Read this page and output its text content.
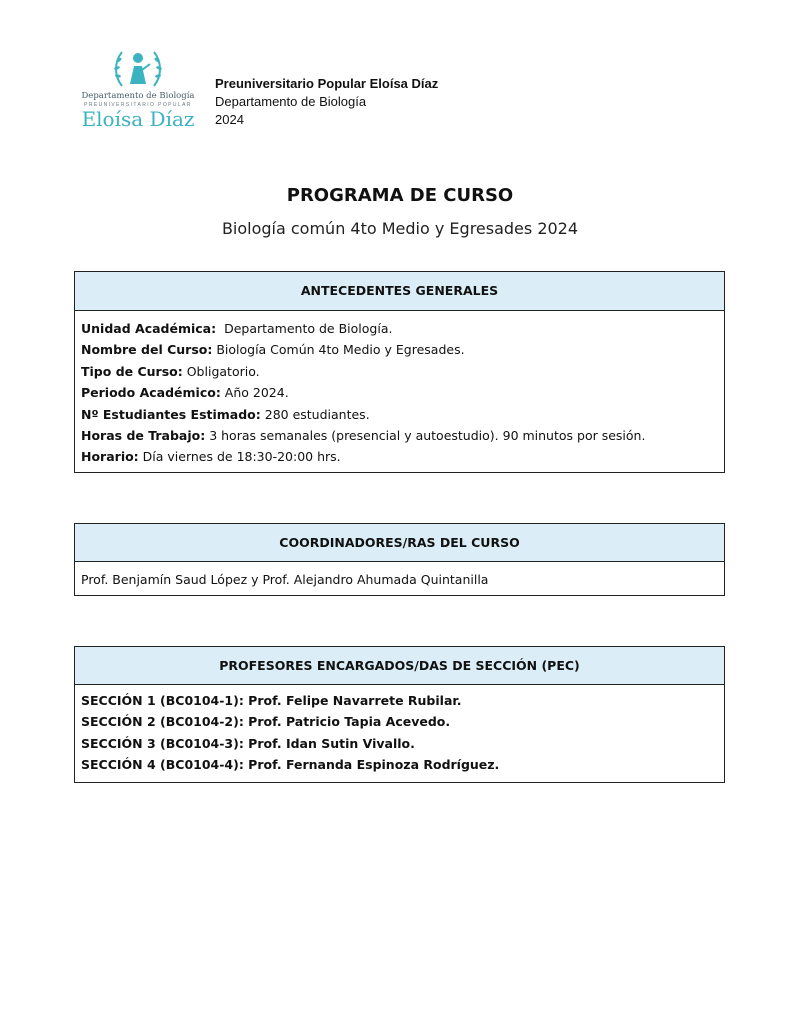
Departamento de Biología
PREUNIVERSITARIO POPULAR
Eloísa Díaz
Preuniversitario Popular Eloísa Díaz
Departamento de Biología
2024
PROGRAMA DE CURSO
Biología común 4to Medio y Egresades 2024
ANTECEDENTES GENERALES
Unidad Académica:  Departamento de Biología.
Nombre del Curso: Biología Común 4to Medio y Egresades.
Tipo de Curso: Obligatorio.
Periodo Académico: Año 2024.
Nº Estudiantes Estimado: 280 estudiantes.
Horas de Trabajo: 3 horas semanales (presencial y autoestudio). 90 minutos por sesión.
Horario: Día viernes de 18:30-20:00 hrs.
COORDINADORES/RAS DEL CURSO
Prof. Benjamín Saud López y Prof. Alejandro Ahumada Quintanilla
PROFESORES ENCARGADOS/DAS DE SECCIÓN (PEC)
SECCIÓN 1 (BC0104-1): Prof. Felipe Navarrete Rubilar.
SECCIÓN 2 (BC0104-2): Prof. Patricio Tapia Acevedo.
SECCIÓN 3 (BC0104-3): Prof. Idan Sutin Vivallo.
SECCIÓN 4 (BC0104-4): Prof. Fernanda Espinoza Rodríguez.
